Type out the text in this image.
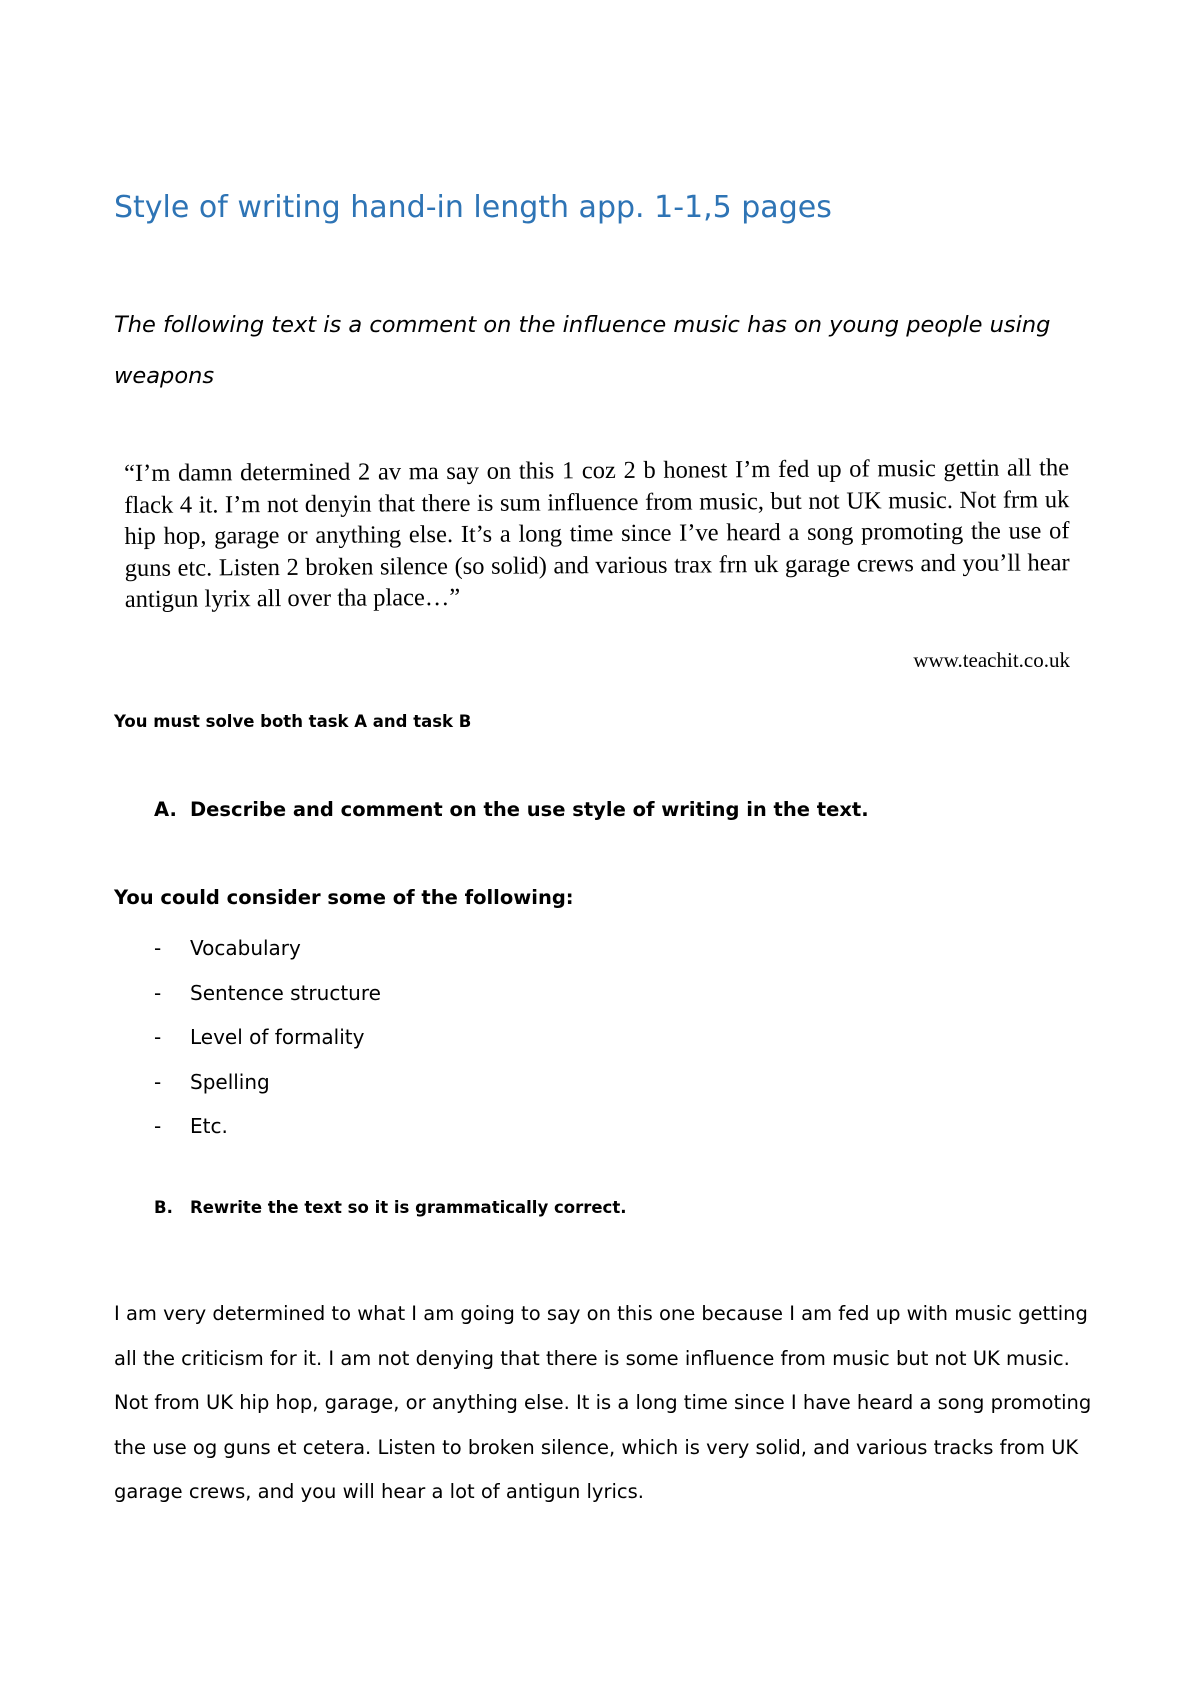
Style of writing hand-in length app. 1-1,5 pages

The following text is a comment on the influence music has on young people using weapons

“I’m damn determined 2 av ma say on this 1 coz 2 b honest I’m fed up of music gettin all the flack 4 it. I’m not denyin that there is sum influence from music, but not UK music. Not frm uk hip hop, garage or anything else. It’s a long time since I’ve heard a song promoting the use of guns etc. Listen 2 broken silence (so solid) and various trax frn uk garage crews and you’ll hear antigun lyrix all over tha place…”

www.teachit.co.uk

You must solve both task A and task B

A. Describe and comment on the use style of writing in the text.

You could consider some of the following:

- Vocabulary
- Sentence structure
- Level of formality
- Spelling
- Etc.

B. Rewrite the text so it is grammatically correct.

I am very determined to what I am going to say on this one because I am fed up with music getting all the criticism for it. I am not denying that there is some influence from music but not UK music. Not from UK hip hop, garage, or anything else. It is a long time since I have heard a song promoting the use og guns et cetera. Listen to broken silence, which is very solid, and various tracks from UK garage crews, and you will hear a lot of antigun lyrics.
